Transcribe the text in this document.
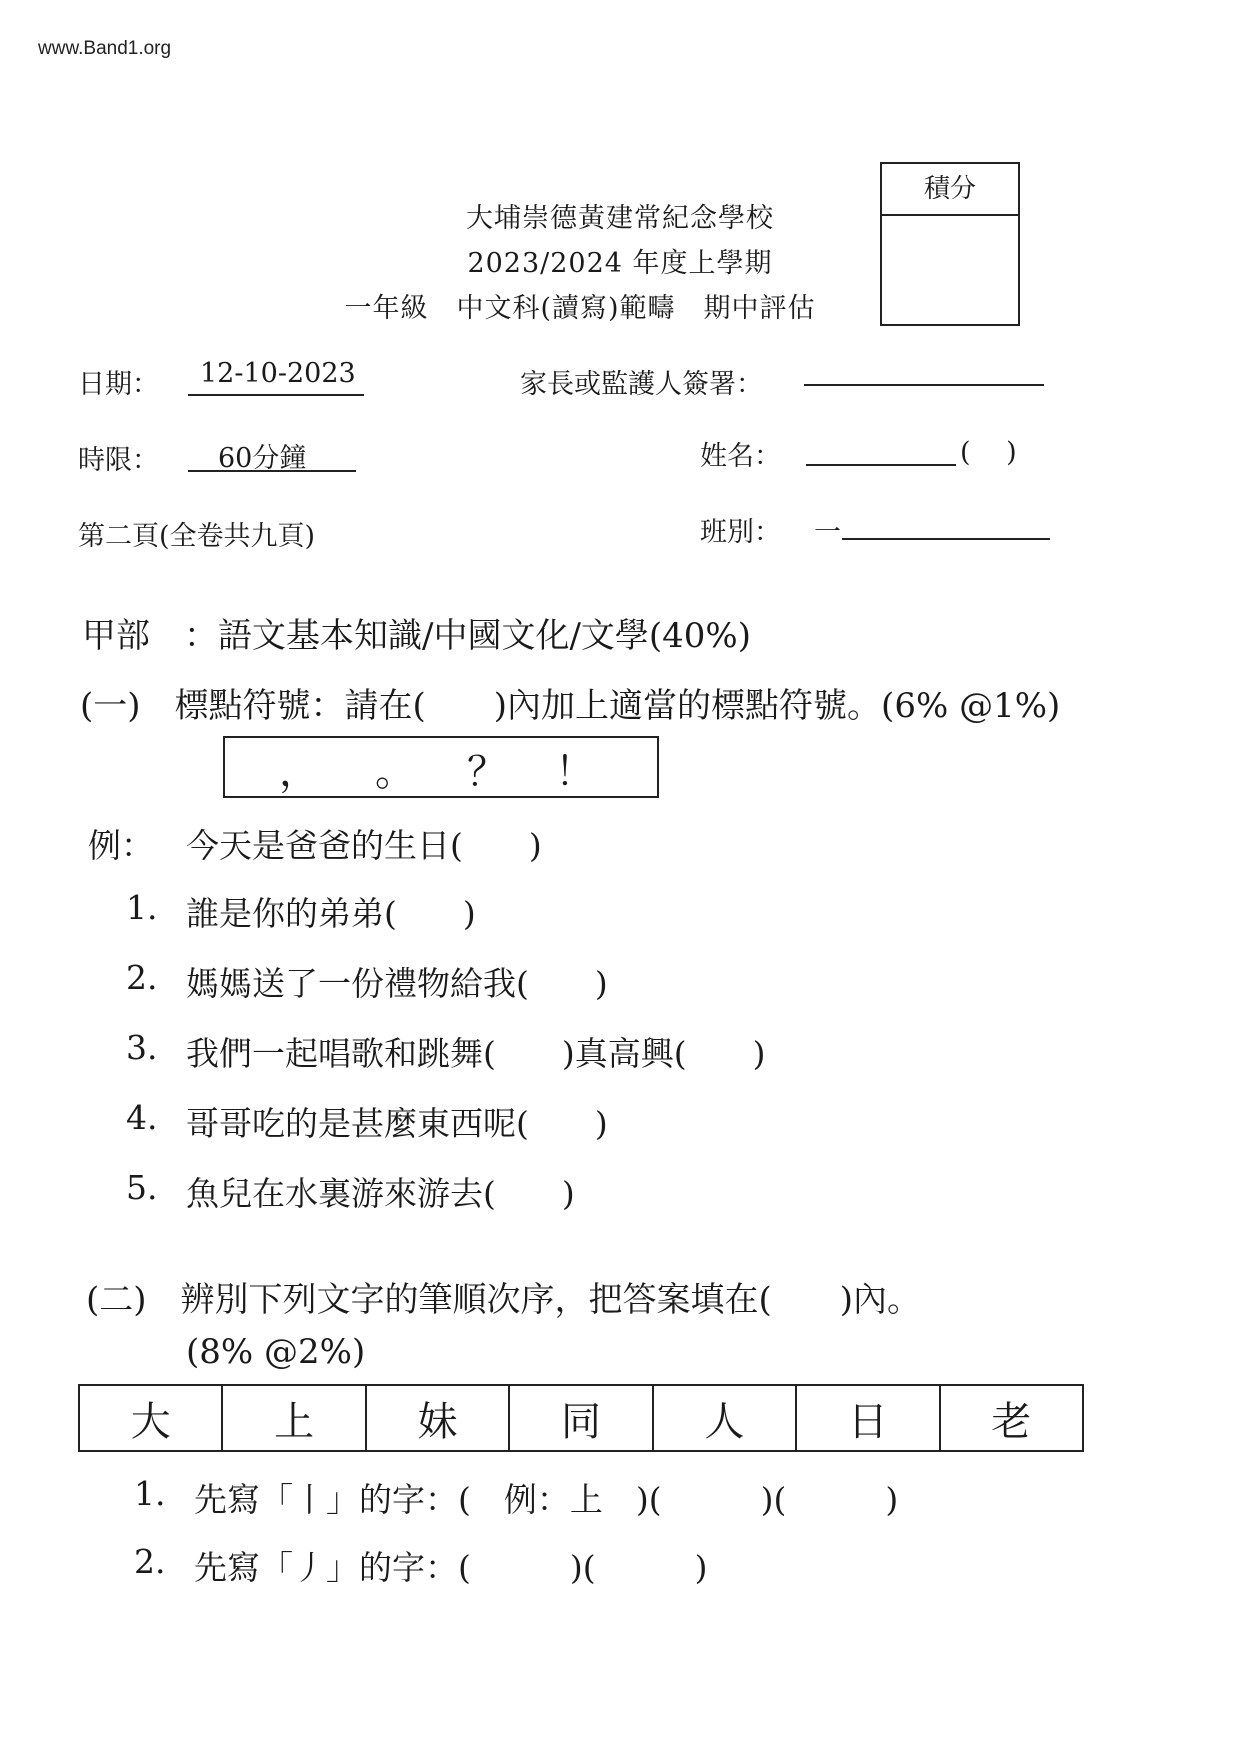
www.Band1.org
大埔崇德黃建常紀念學校
2023/2024 年度上學期
一年級　中文科(讀寫)範疇　期中評估
積分
日期： 12-10-2023	家長或監護人簽署：
時限： 60分鐘	姓名：	(　 )
第二頁(全卷共九頁)	班別： 一
甲部　：語文基本知識/中國文化/文學(40%)
(一)　標點符號：請在(　　)內加上適當的標點符號。(6% @1%)
， 。 ？ ！
例： 今天是爸爸的生日(　　)
1. 誰是你的弟弟(　　)
2. 媽媽送了一份禮物給我(　　)
3. 我們一起唱歌和跳舞(　　)真高興(　　)
4. 哥哥吃的是甚麼東西呢(　　)
5. 魚兒在水裏游來游去(　　)
(二)　辨別下列文字的筆順次序，把答案填在(　　)內。
(8% @2%)
大	上	妹	同	人	日	老
1. 先寫「丨」的字：(　例：上　)(　　　)(　　　)
2. 先寫「丿」的字：(　　　)(　　　)
